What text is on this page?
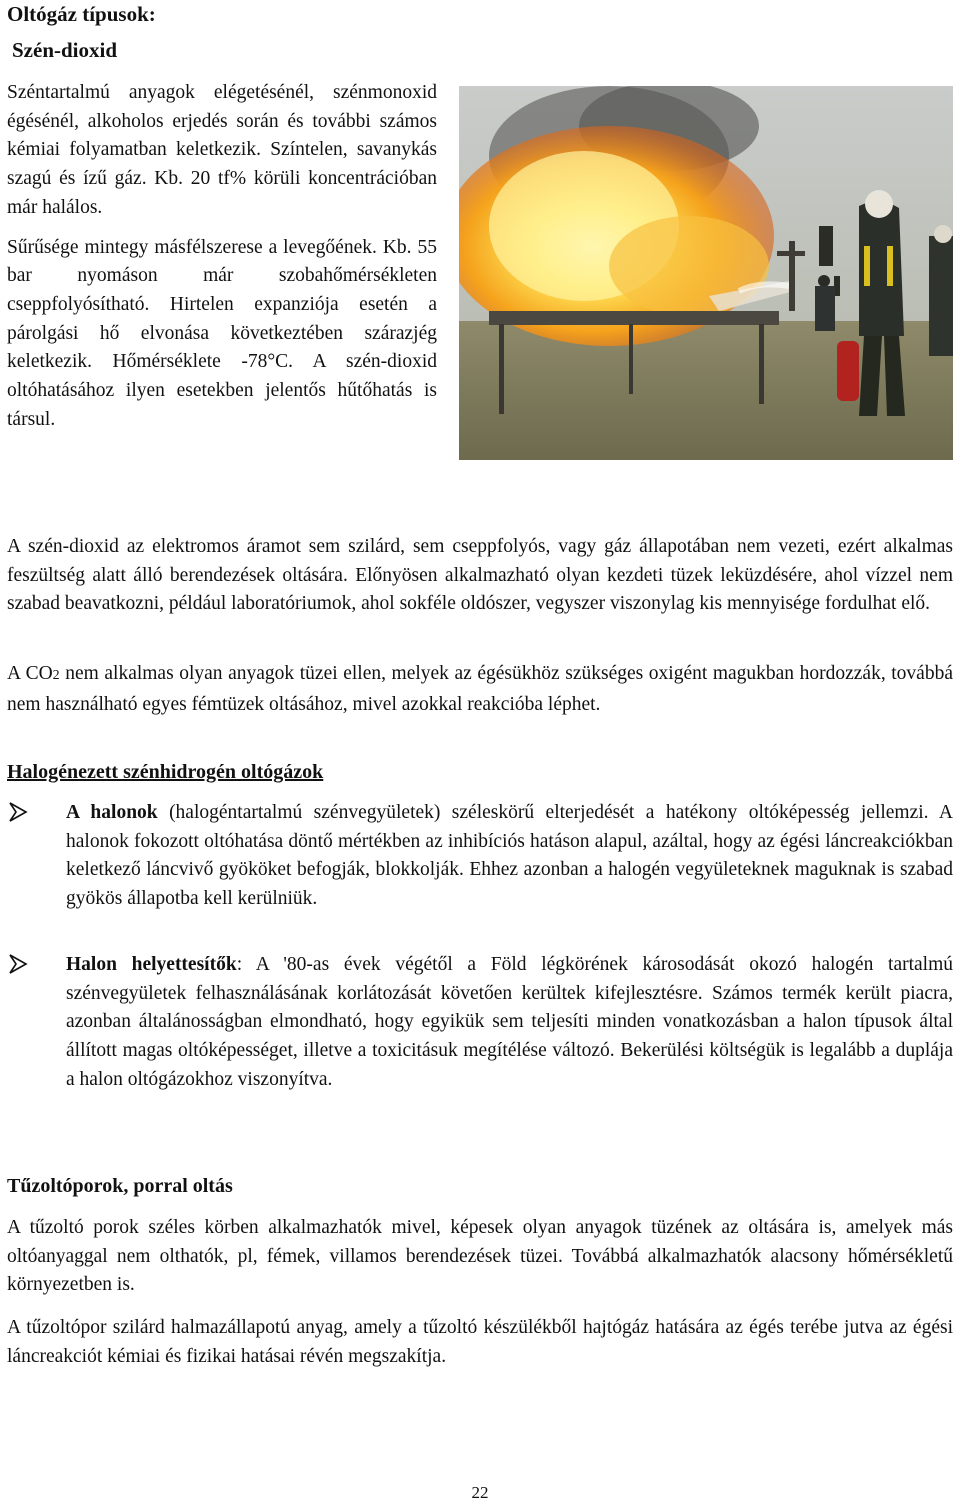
Oltógáz típusok:
Szén-dioxid
Széntartalmú anyagok elégetésénél, szénmonoxid égésénél, alkoholos erjedés során és további számos kémiai folyamatban keletkezik. Színtelen, savanykás szagú és ízű gáz. Kb. 20 tf% körüli koncentrációban már halálos.
Sűrűsége mintegy másfélszerese a levegőének. Kb. 55 bar nyomáson már szobahőmérsékleten cseppfolyósítható. Hirtelen expanziója esetén a párolgási hő elvonása következtében szárazjég keletkezik. Hőmérséklete -78°C. A szén-dioxid oltóhatásához ilyen esetekben jelentős hűtőhatás is társul.
A szén-dioxid az elektromos áramot sem szilárd, sem cseppfolyós, vagy gáz állapotában nem vezeti, ezért alkalmas feszültség alatt álló berendezések oltására. Előnyösen alkalmazható olyan kezdeti tüzek leküzdésére, ahol vízzel nem szabad beavatkozni, például laboratóriumok, ahol sokféle oldószer, vegyszer viszonylag kis mennyisége fordulhat elő.
A CO2 nem alkalmas olyan anyagok tüzei ellen, melyek az égésükhöz szükséges oxigént magukban hordozzák, továbbá nem használható egyes fémtüzek oltásához, mivel azokkal reakcióba léphet.
Halogénezett szénhidrogén oltógázok
A halonok (halogéntartalmú szénvegyületek) széleskörű elterjedését a hatékony oltóképesség jellemzi. A halonok fokozott oltóhatása döntő mértékben az inhibíciós hatáson alapul, azáltal, hogy az égési láncreakciókban keletkező láncvivő gyököket befogják, blokkolják. Ehhez azonban a halogén vegyületeknek maguknak is szabad gyökös állapotba kell kerülniük.
Halon helyettesítők: A '80-as évek végétől a Föld légkörének károsodását okozó halogén tartalmú szénvegyületek felhasználásának korlátozását követően kerültek kifejlesztésre. Számos termék került piacra, azonban általánosságban elmondható, hogy egyikük sem teljesíti minden vonatkozásban a halon típusok által állított magas oltóképességet, illetve a toxicitásuk megítélése változó. Bekerülési költségük is legalább a duplája a halon oltógázokhoz viszonyítva.
Tűzoltóporok, porral oltás
A tűzoltó porok széles körben alkalmazhatók mivel, képesek olyan anyagok tüzének az oltására is, amelyek más oltóanyaggal nem olthatók, pl, fémek, villamos berendezések tüzei. Továbbá alkalmazhatók alacsony hőmérsékletű környezetben is.
A tűzoltópor szilárd halmazállapotú anyag, amely a tűzoltó készülékből hajtógáz hatására az égés terébe jutva az égési láncreakciót kémiai és fizikai hatásai révén megszakítja.
22
